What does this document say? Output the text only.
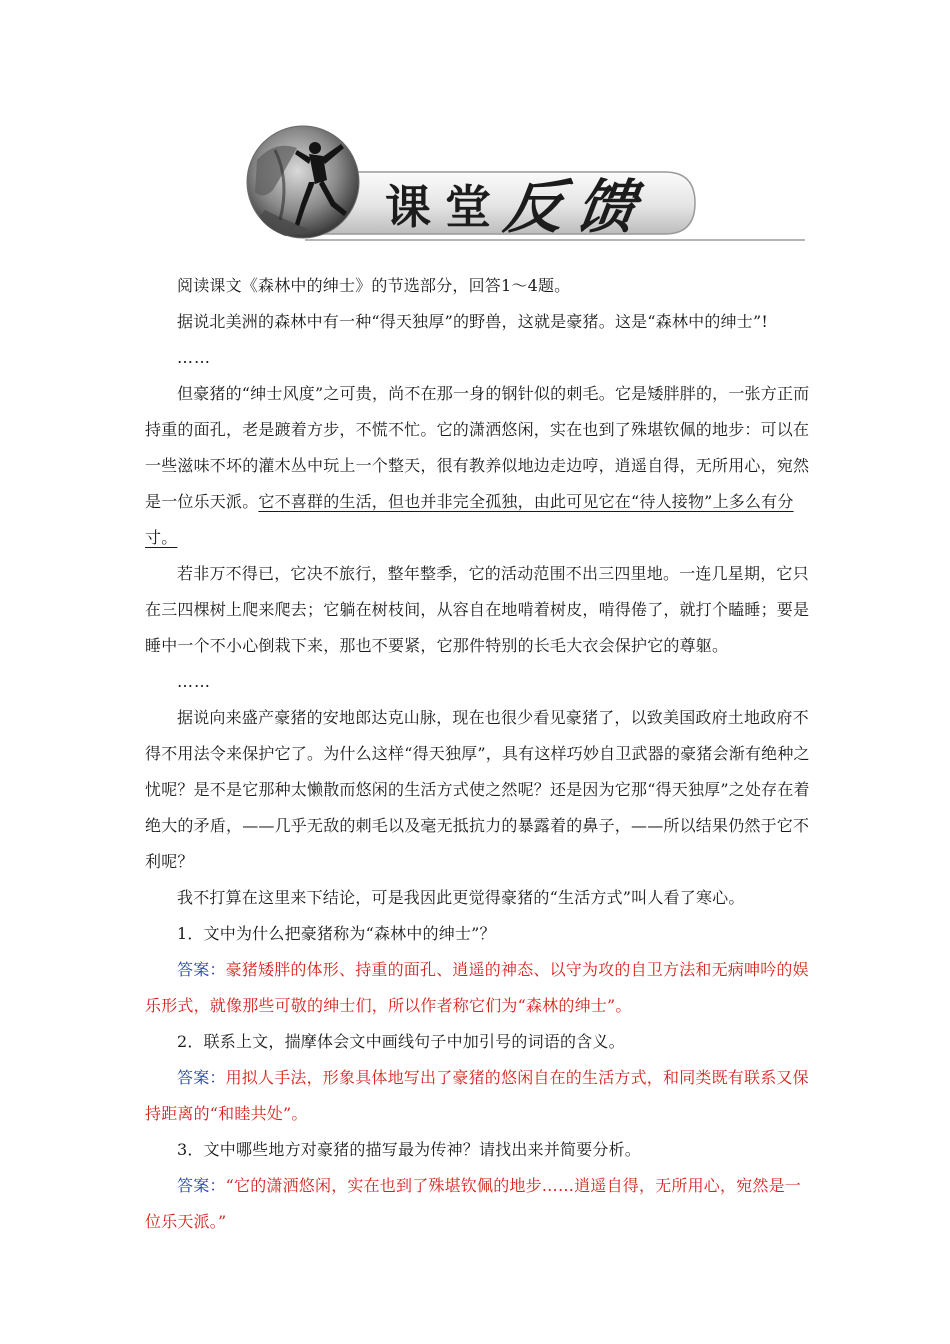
课 堂 反 馈

阅读课文《森林中的绅士》的节选部分，回答1～4题。

据说北美洲的森林中有一种“得天独厚”的野兽，这就是豪猪。这是“森林中的绅士”!

……

但豪猪的“绅士风度”之可贵，尚不在那一身的钢针似的刺毛。它是矮胖胖的，一张方正而持重的面孔，老是踱着方步，不慌不忙。它的潇洒悠闲，实在也到了殊堪钦佩的地步：可以在一些滋味不坏的灌木丛中玩上一个整天，很有教养似地边走边哼，逍遥自得，无所用心，宛然是一位乐天派。它不喜群的生活，但也并非完全孤独，由此可见它在“待人接物”上多么有分寸。

若非万不得已，它决不旅行，整年整季，它的活动范围不出三四里地。一连几星期，它只在三四棵树上爬来爬去；它躺在树枝间，从容自在地啃着树皮，啃得倦了，就打个瞌睡；要是睡中一个不小心倒栽下来，那也不要紧，它那件特别的长毛大衣会保护它的尊躯。

……

据说向来盛产豪猪的安地郎达克山脉，现在也很少看见豪猪了，以致美国政府土地政府不得不用法令来保护它了。为什么这样“得天独厚”，具有这样巧妙自卫武器的豪猪会渐有绝种之忧呢？是不是它那种太懒散而悠闲的生活方式使之然呢？还是因为它那“得天独厚”之处存在着绝大的矛盾，——几乎无敌的刺毛以及毫无抵抗力的暴露着的鼻子，——所以结果仍然于它不利呢？

我不打算在这里来下结论，可是我因此更觉得豪猪的“生活方式”叫人看了寒心。

1．文中为什么把豪猪称为“森林中的绅士”？

答案：豪猪矮胖的体形、持重的面孔、逍遥的神态、以守为攻的自卫方法和无病呻吟的娱乐形式，就像那些可敬的绅士们，所以作者称它们为“森林的绅士”。

2．联系上文，揣摩体会文中画线句子中加引号的词语的含义。

答案：用拟人手法，形象具体地写出了豪猪的悠闲自在的生活方式，和同类既有联系又保持距离的“和睦共处”。

3．文中哪些地方对豪猪的描写最为传神？请找出来并简要分析。

答案：“它的潇洒悠闲，实在也到了殊堪钦佩的地步……逍遥自得，无所用心，宛然是一位乐天派。”
